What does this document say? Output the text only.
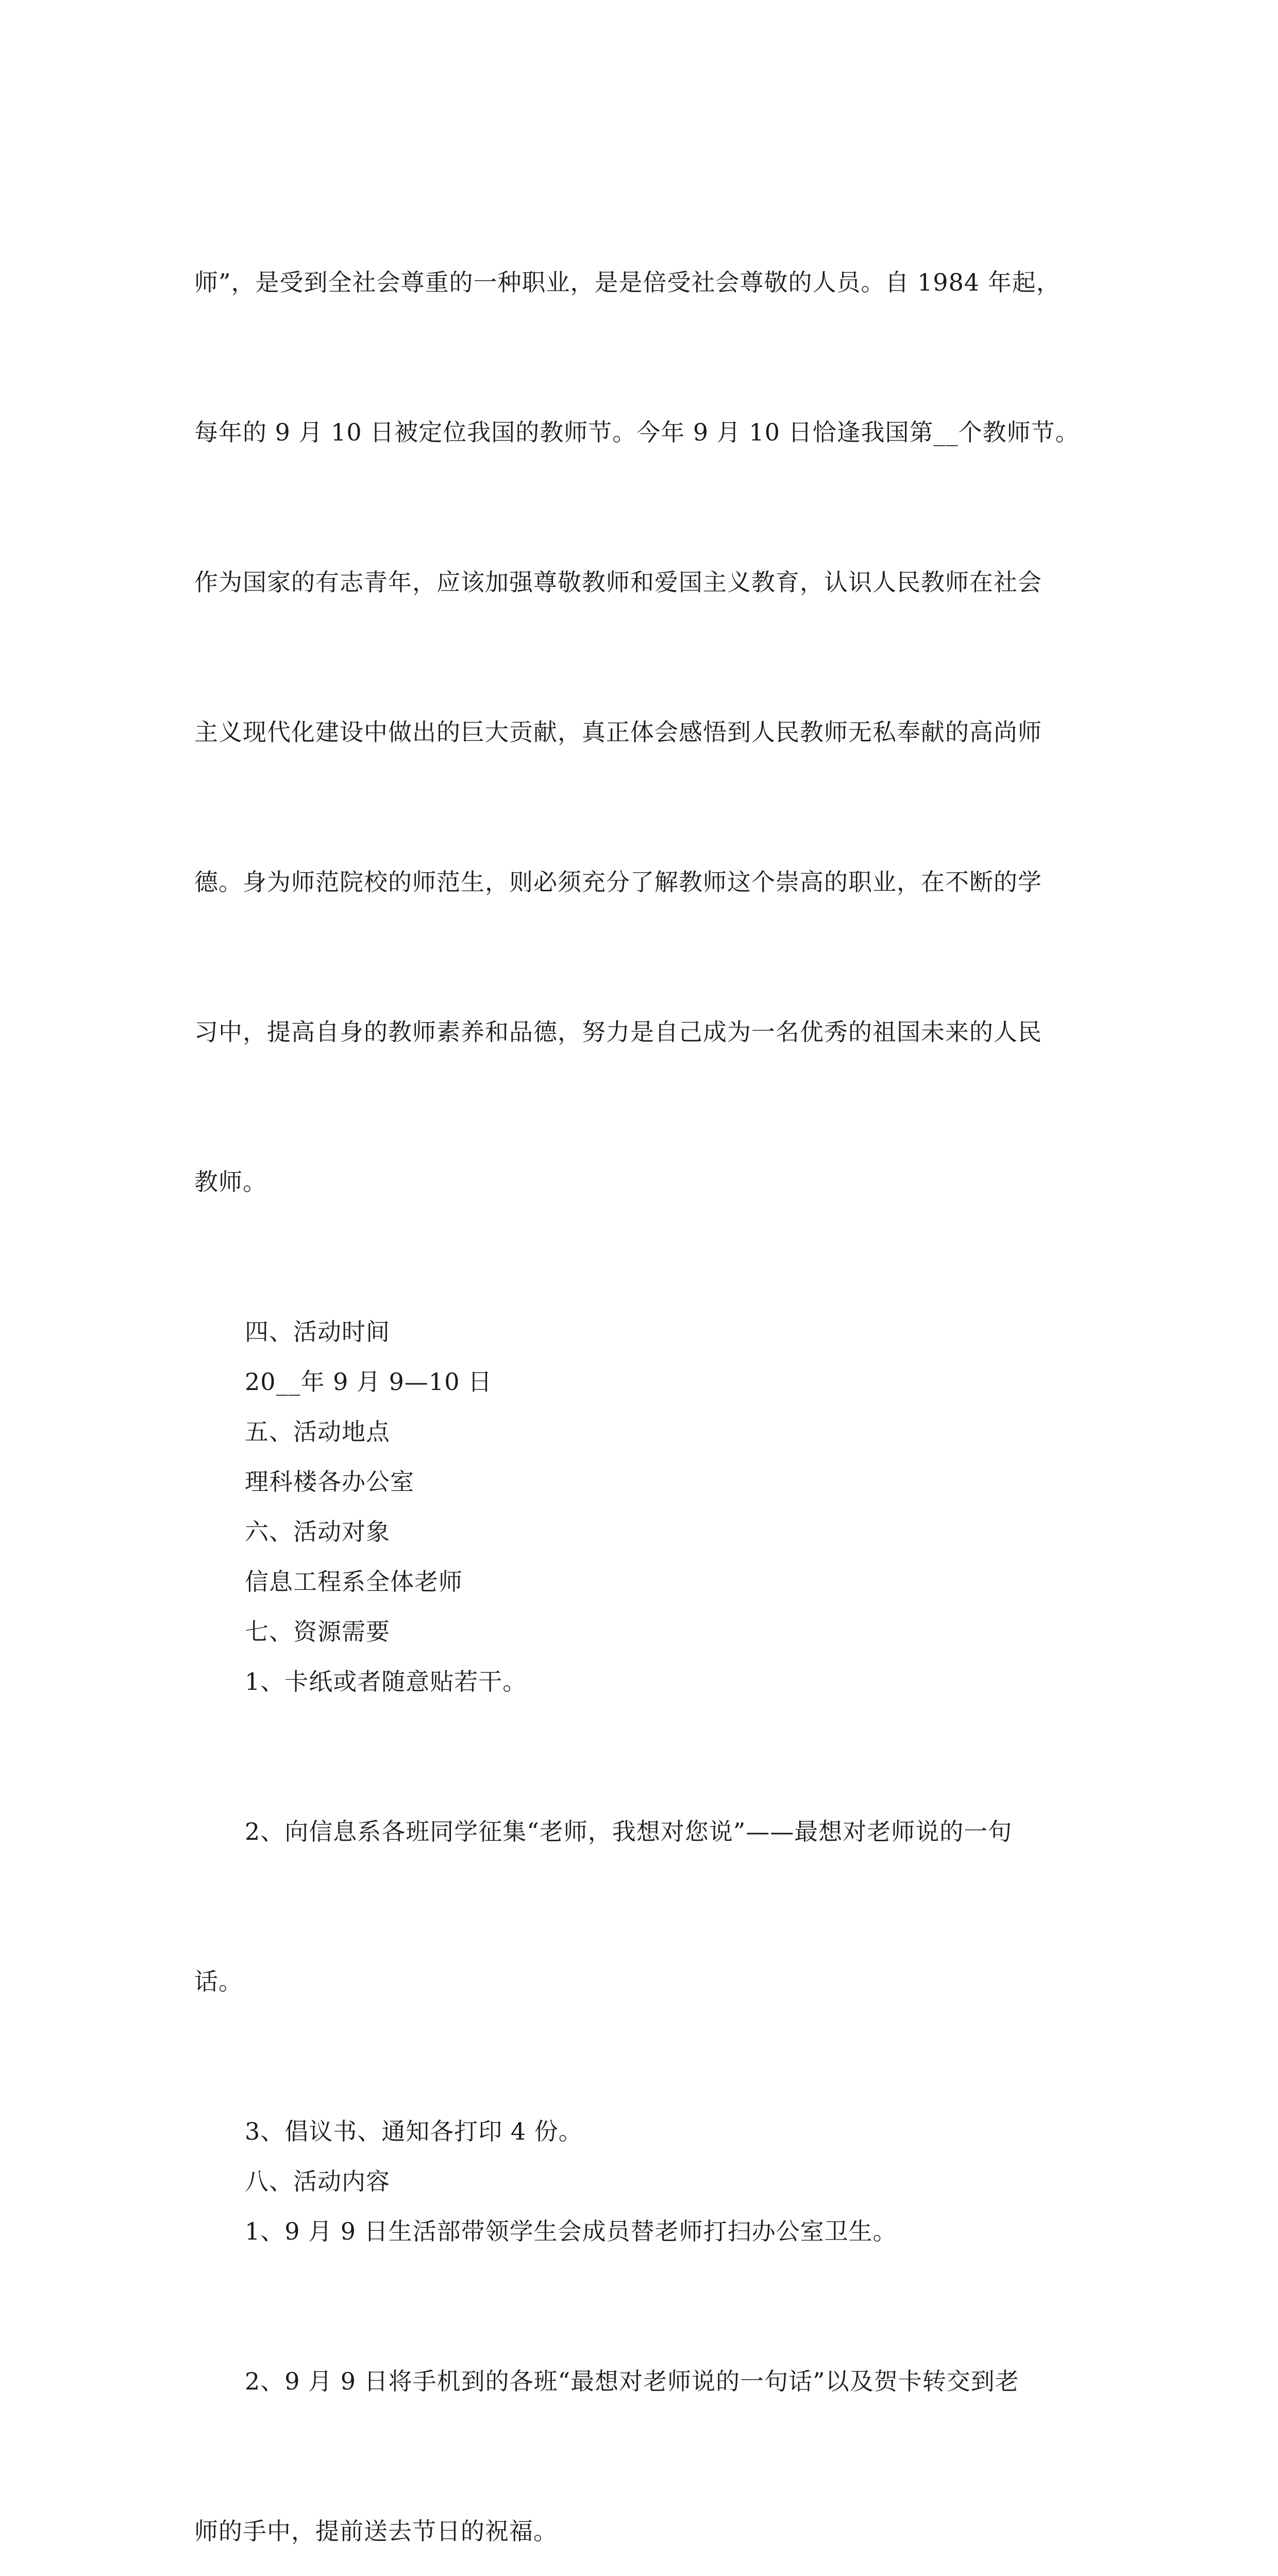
师”，是受到全社会尊重的一种职业，是是倍受社会尊敬的人员。自 1984 年起，

每年的 9 月 10 日被定位我国的教师节。今年 9 月 10 日恰逢我国第__个教师节。

作为国家的有志青年，应该加强尊敬教师和爱国主义教育，认识人民教师在社会

主义现代化建设中做出的巨大贡献，真正体会感悟到人民教师无私奉献的高尚师

德。身为师范院校的师范生，则必须充分了解教师这个崇高的职业，在不断的学

习中，提高自身的教师素养和品德，努力是自己成为一名优秀的祖国未来的人民

教师。

四、活动时间
20__年 9 月 9—10 日
五、活动地点
理科楼各办公室
六、活动对象
信息工程系全体老师
七、资源需要
1、卡纸或者随意贴若干。

2、向信息系各班同学征集“老师，我想对您说”——最想对老师说的一句

话。

3、倡议书、通知各打印 4 份。
八、活动内容
1、9 月 9 日生活部带领学生会成员替老师打扫办公室卫生。

2、9 月 9 日将手机到的各班“最想对老师说的一句话”以及贺卡转交到老

师的手中，提前送去节日的祝福。
